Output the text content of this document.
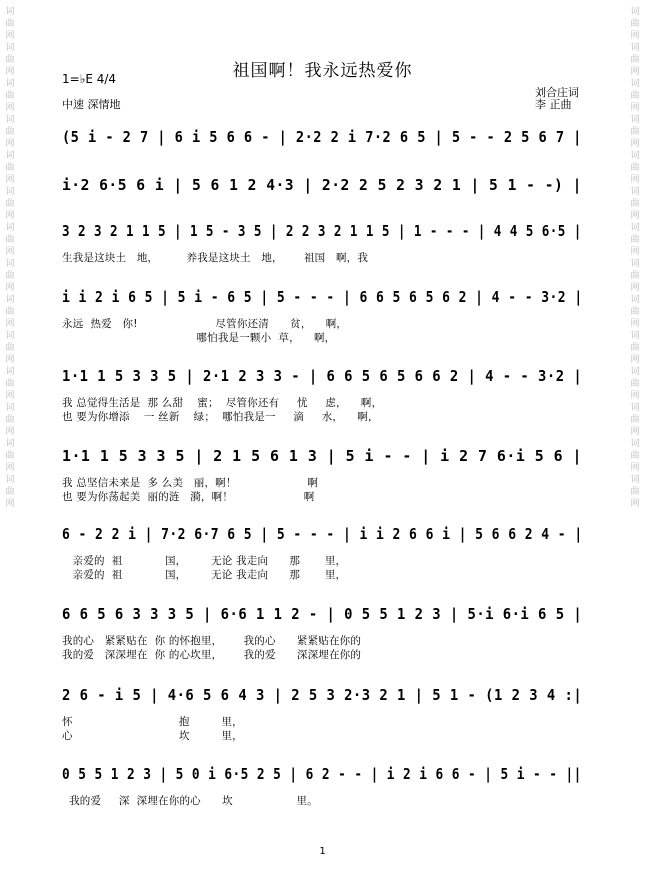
词曲网 词曲网 词曲网 词曲网 词曲网 词曲网 词曲网 词曲网 词曲网 词曲网 词曲网 词曲网 词曲网 词曲网
词曲网 词曲网 词曲网 词曲网 词曲网 词曲网 词曲网 词曲网 词曲网 词曲网 词曲网 词曲网 词曲网 词曲网
祖国啊！我永远热爱你
1=♭E 4/4
中速 深情地
刘合庄词
李 正曲
(5 i - 2 7 | 6 i 5 6 6 - | 2·2 2 i 7·2 6 5 | 5 - - 2 5 6 7 |
i·2 6·5 6 i | 5 6 1 2 4·3 | 2·2 2 5 2 3 2 1 | 5 1 - -) |
3 2 3 2 1 1 5 | 1 5 - 3 5 | 2 2 3 2 1 1 5 | 1 - - - | 4 4 5 6·5 |
生我是这块土   地，        养我是这块土   地，      祖国   啊，我
i i 2 i 6 5 | 5 i - 6 5 | 5 - - - | 6 6 5 6 5 6 2 | 4 - - 3·2 |
永远  热爱   你!                      尽管你还清      贫，    啊，
哪怕我是一颗小  草，    啊，
1·1 1 5 3 3 5 | 2·1 2 3 3 - | 6 6 5 6 5 6 6 2 | 4 - - 3·2 |
我 总觉得生活是  那 么甜    蜜；  尽管你还有     忧     虑，    啊，
也 要为你增添    一 丝新    绿；  哪怕我是一     滴     水，    啊，
1·1 1 5 3 3 5 | 2 1 5 6 1 3 | 5 i - - | i 2 7 6·i 5 6 |
我 总坚信未来是  多 么美   丽，啊！                    啊
也 要为你荡起美  丽的涟   漪，啊！                    啊
6 - 2 2 i | 7·2 6·7 6 5 | 5 - - - | i i 2 6 6 i | 5 6 6 2 4 - |
亲爱的  祖            国，       无论 我走向      那       里，
亲爱的  祖            国，       无论 我走向      那       里，
6 6 5 6 3 3 3 5 | 6·6 1 1 2 - | 0 5 5 1 2 3 | 5·i 6·i 6 5 |
我的心   紧紧贴在  你 的怀抱里，      我的心      紧紧贴在你的
我的爱   深深埋在  你 的心坎里，      我的爱      深深埋在你的
2 6 - i 5 | 4·6 5 6 4 3 | 2 5 3 2·3 2 1 | 5 1 - (1 2 3 4 :|
怀                              抱         里，
心                              坎         里，
0 5 5 1 2 3 | 5 0 i 6·5 2 5 | 6 2 - - | i 2 i 6 6 - | 5 i - - ||
我的爱     深  深埋在你的心      坎                  里。
1
